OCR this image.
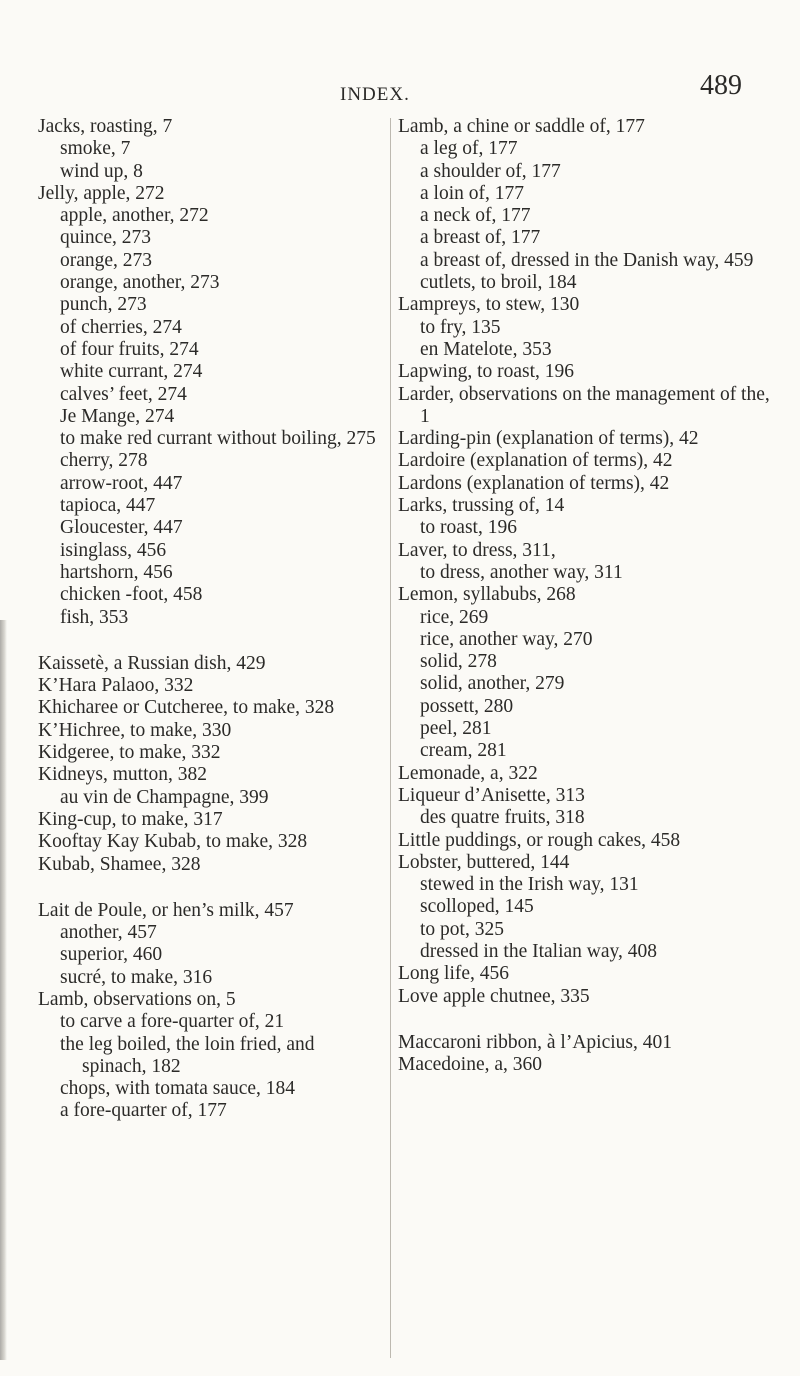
INDEX.	489
Jacks, roasting, 7
smoke, 7
wind up, 8
Jelly, apple, 272
apple, another, 272
quince, 273
orange, 273
orange, another, 273
punch, 273
of cherries, 274
of four fruits, 274
white currant, 274
calves’ feet, 274
Je Mange, 274
to make red currant without boiling, 275
cherry, 278
arrow-root, 447
tapioca, 447
Gloucester, 447
isinglass, 456
hartshorn, 456
chicken -foot, 458
fish, 353
Kaissetè, a Russian dish, 429
K’Hara Palaoo, 332
Khicharee or Cutcheree, to make, 328
K’Hichree, to make, 330
Kidgeree, to make, 332
Kidneys, mutton, 382
au vin de Champagne, 399
King-cup, to make, 317
Kooftay Kay Kubab, to make, 328
Kubab, Shamee, 328
Lait de Poule, or hen’s milk, 457
another, 457
superior, 460
sucré, to make, 316
Lamb, observations on, 5
to carve a fore-quarter of, 21
the leg boiled, the loin fried, and spinach, 182
chops, with tomata sauce, 184
a fore-quarter of, 177
Lamb, a chine or saddle of, 177
a leg of, 177
a shoulder of, 177
a loin of, 177
a neck of, 177
a breast of, 177
a breast of, dressed in the Danish way, 459
cutlets, to broil, 184
Lampreys, to stew, 130
to fry, 135
en Matelote, 353
Lapwing, to roast, 196
Larder, observations on the management of the, 1
Larding-pin (explanation of terms), 42
Lardoire (explanation of terms), 42
Lardons (explanation of terms), 42
Larks, trussing of, 14
to roast, 196
Laver, to dress, 311,
to dress, another way, 311
Lemon, syllabubs, 268
rice, 269
rice, another way, 270
solid, 278
solid, another, 279
possett, 280
peel, 281
cream, 281
Lemonade, a, 322
Liqueur d’Anisette, 313
des quatre fruits, 318
Little puddings, or rough cakes, 458
Lobster, buttered, 144
stewed in the Irish way, 131
scolloped, 145
to pot, 325
dressed in the Italian way, 408
Long life, 456
Love apple chutnee, 335
Maccaroni ribbon, à l’Apicius, 401
Macedoine, a, 360
